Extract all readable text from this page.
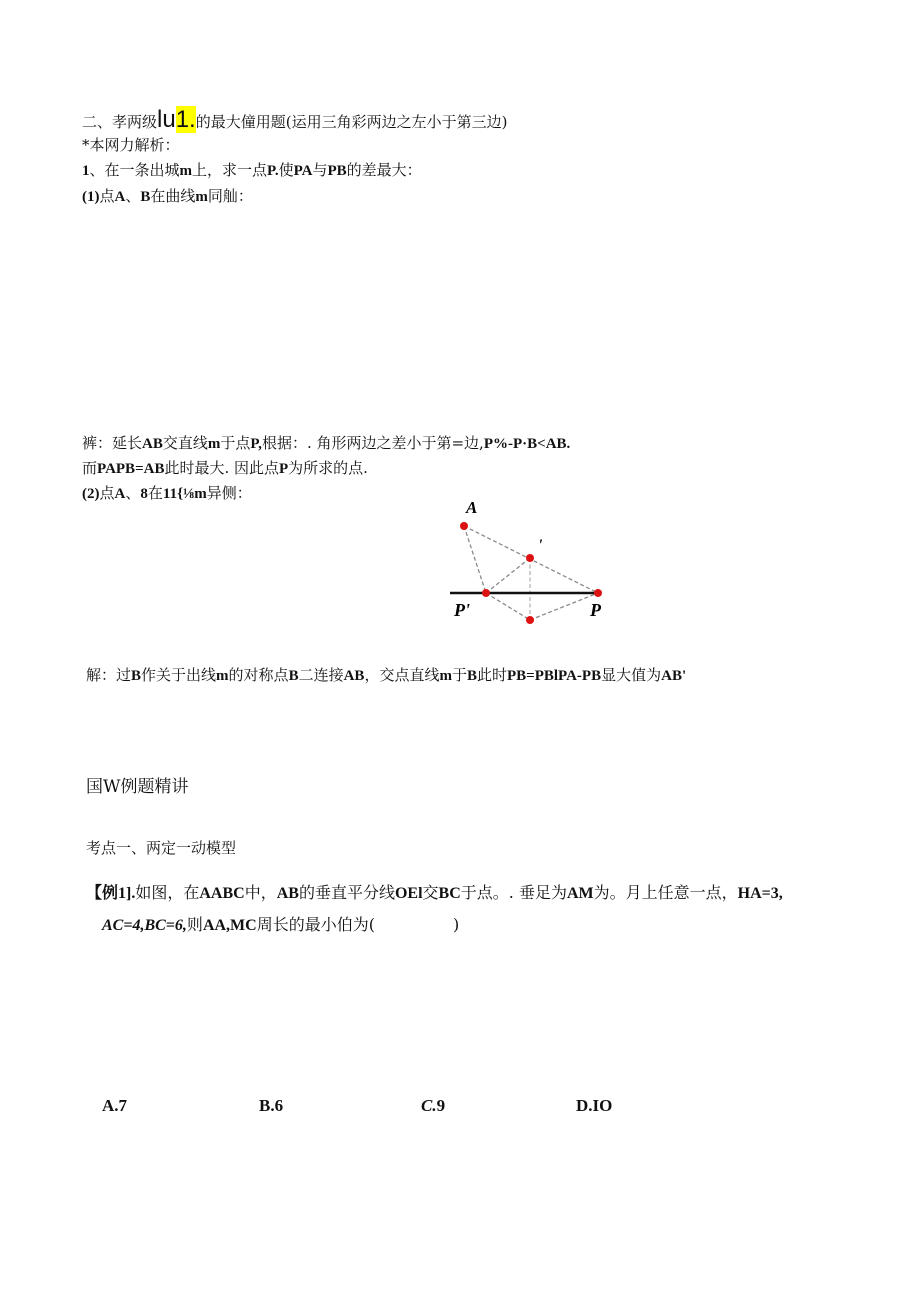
二、孝两级lu1.的最大僮用题(运用三角彩两边之左小于第三边)
*本网力解析：
1、在一条出城m上，求一点P.使PA与PB的差最大：
(1)点A、B在曲线m同舢：
裤：延长AB交直线m于点P,根据：. 角形两边之差小于第=边,P%-P·B<AB.
而PAPB=AB此时最大. 因此点P为所求的点.
(2)点A、8在11{⅛m异侧：
A
'
P'	P
解：过B作关于出线m的对称点B二连接AB，交点直线m于B此时PB=PBlPA-PB显大值为AB'
国W例题精讲
考点一、两定一动模型
【例1].如图，在AABC中，AB的垂直平分线OEl交BC于点。. 垂足为AM为。月上任意一点，HA=3,
AC=4,BC=6,则AA,MC周长的最小伯为(	)
A.7	B.6	C.9	D.IO
